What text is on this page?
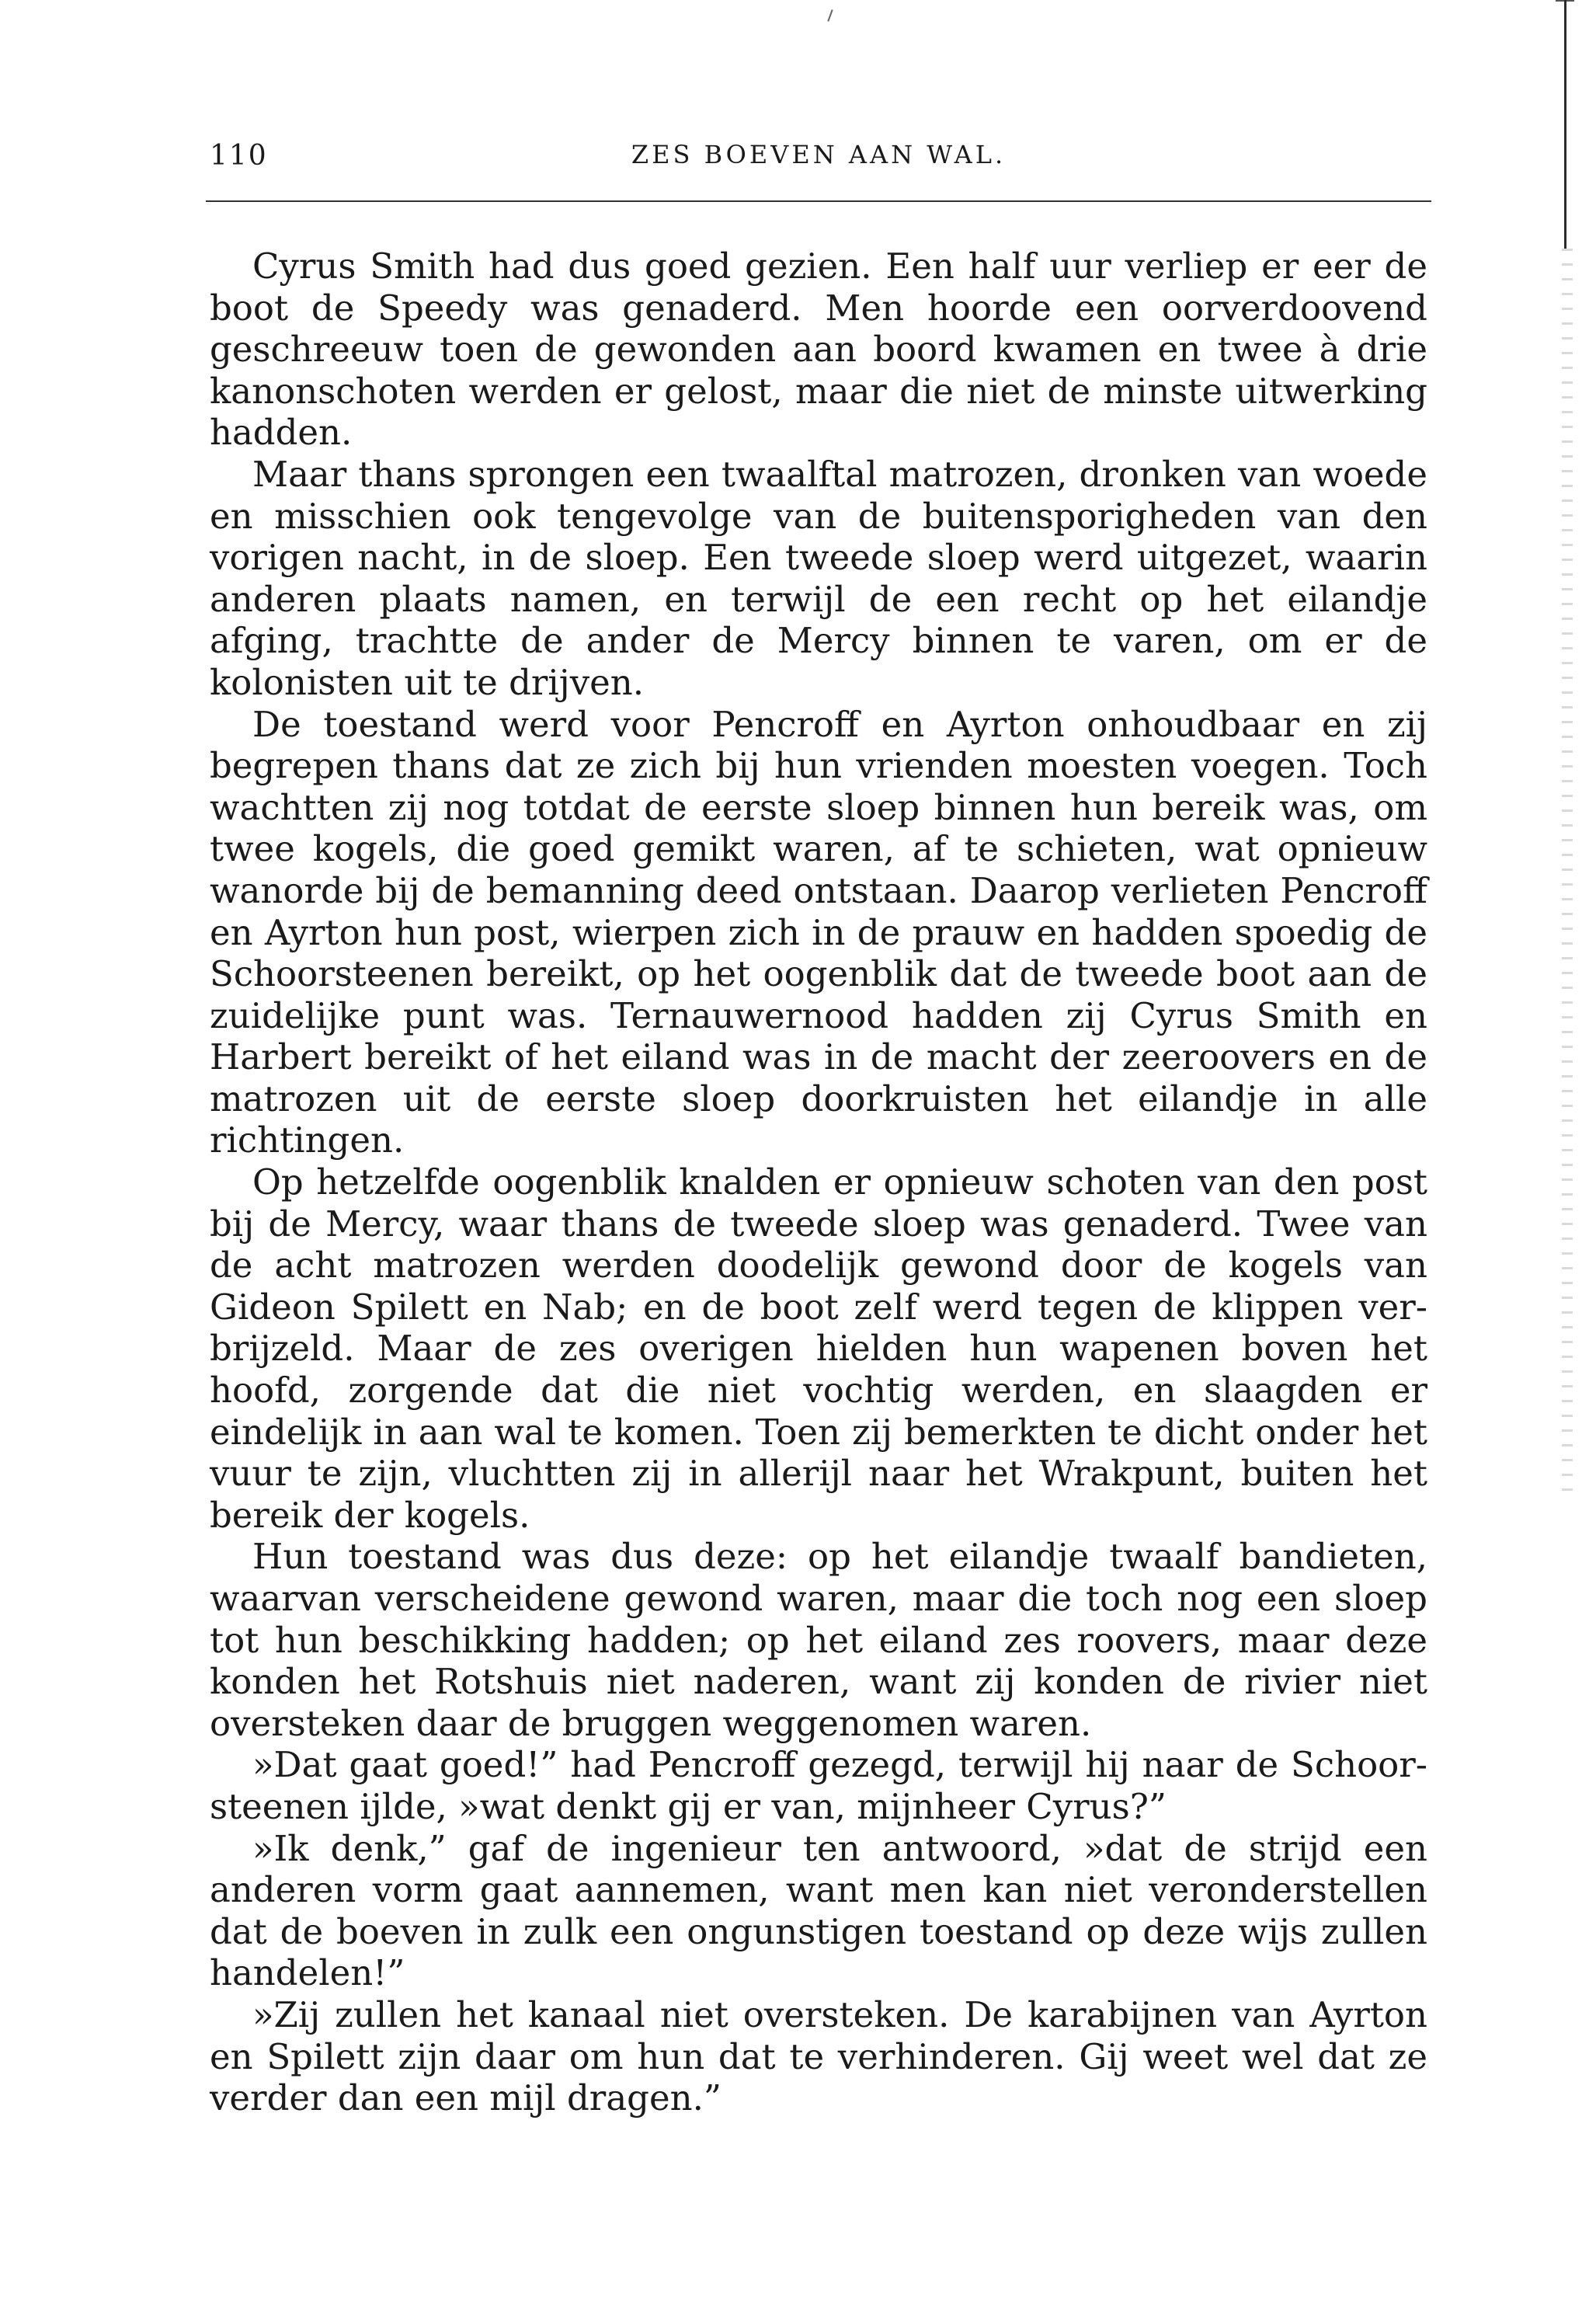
110	ZES BOEVEN AAN WAL.

Cyrus Smith had dus goed gezien. Een half uur verliep er eer de boot de Speedy was genaderd. Men hoorde een oorverdoovend geschreeuw toen de gewonden aan boord kwamen en twee à drie kanonschoten werden er gelost, maar die niet de minste uitwerking hadden.

Maar thans sprongen een twaalftal matrozen, dronken van woede en misschien ook tengevolge van de buitensporigheden van den vorigen nacht, in de sloep. Een tweede sloep werd uitgezet, waarin anderen plaats namen, en terwijl de een recht op het eilandje afging, trachtte de ander de Mercy binnen te varen, om er de kolonisten uit te drijven.

De toestand werd voor Pencroff en Ayrton onhoudbaar en zij begrepen thans dat ze zich bij hun vrienden moesten voegen. Toch wachtten zij nog totdat de eerste sloep binnen hun bereik was, om twee kogels, die goed gemikt waren, af te schieten, wat opnieuw wanorde bij de bemanning deed ontstaan. Daarop verlieten Pencroff en Ayrton hun post, wierpen zich in de prauw en hadden spoedig de Schoorsteenen bereikt, op het oogenblik dat de tweede boot aan de zuidelijke punt was. Ternauwernood hadden zij Cyrus Smith en Harbert bereikt of het eiland was in de macht der zeeroovers en de matrozen uit de eerste sloep doorkruisten het eilandje in alle richtingen.

Op hetzelfde oogenblik knalden er opnieuw schoten van den post bij de Mercy, waar thans de tweede sloep was genaderd. Twee van de acht matrozen werden doodelijk gewond door de kogels van Gideon Spilett en Nab; en de boot zelf werd tegen de klippen verbrijzeld. Maar de zes overigen hielden hun wapenen boven het hoofd, zorgende dat die niet vochtig werden, en slaagden er eindelijk in aan wal te komen. Toen zij bemerkten te dicht onder het vuur te zijn, vluchtten zij in allerijl naar het Wrakpunt, buiten het bereik der kogels.

Hun toestand was dus deze: op het eilandje twaalf bandieten, waarvan verscheidene gewond waren, maar die toch nog een sloep tot hun beschikking hadden; op het eiland zes roovers, maar deze konden het Rotshuis niet naderen, want zij konden de rivier niet oversteken daar de bruggen weggenomen waren.

»Dat gaat goed!” had Pencroff gezegd, terwijl hij naar de Schoorsteenen ijlde, »wat denkt gij er van, mijnheer Cyrus?”

»Ik denk,” gaf de ingenieur ten antwoord, »dat de strijd een anderen vorm gaat aannemen, want men kan niet veronderstellen dat de boeven in zulk een ongunstigen toestand op deze wijs zullen handelen!”

»Zij zullen het kanaal niet oversteken. De karabijnen van Ayrton en Spilett zijn daar om hun dat te verhinderen. Gij weet wel dat ze verder dan een mijl dragen.”
